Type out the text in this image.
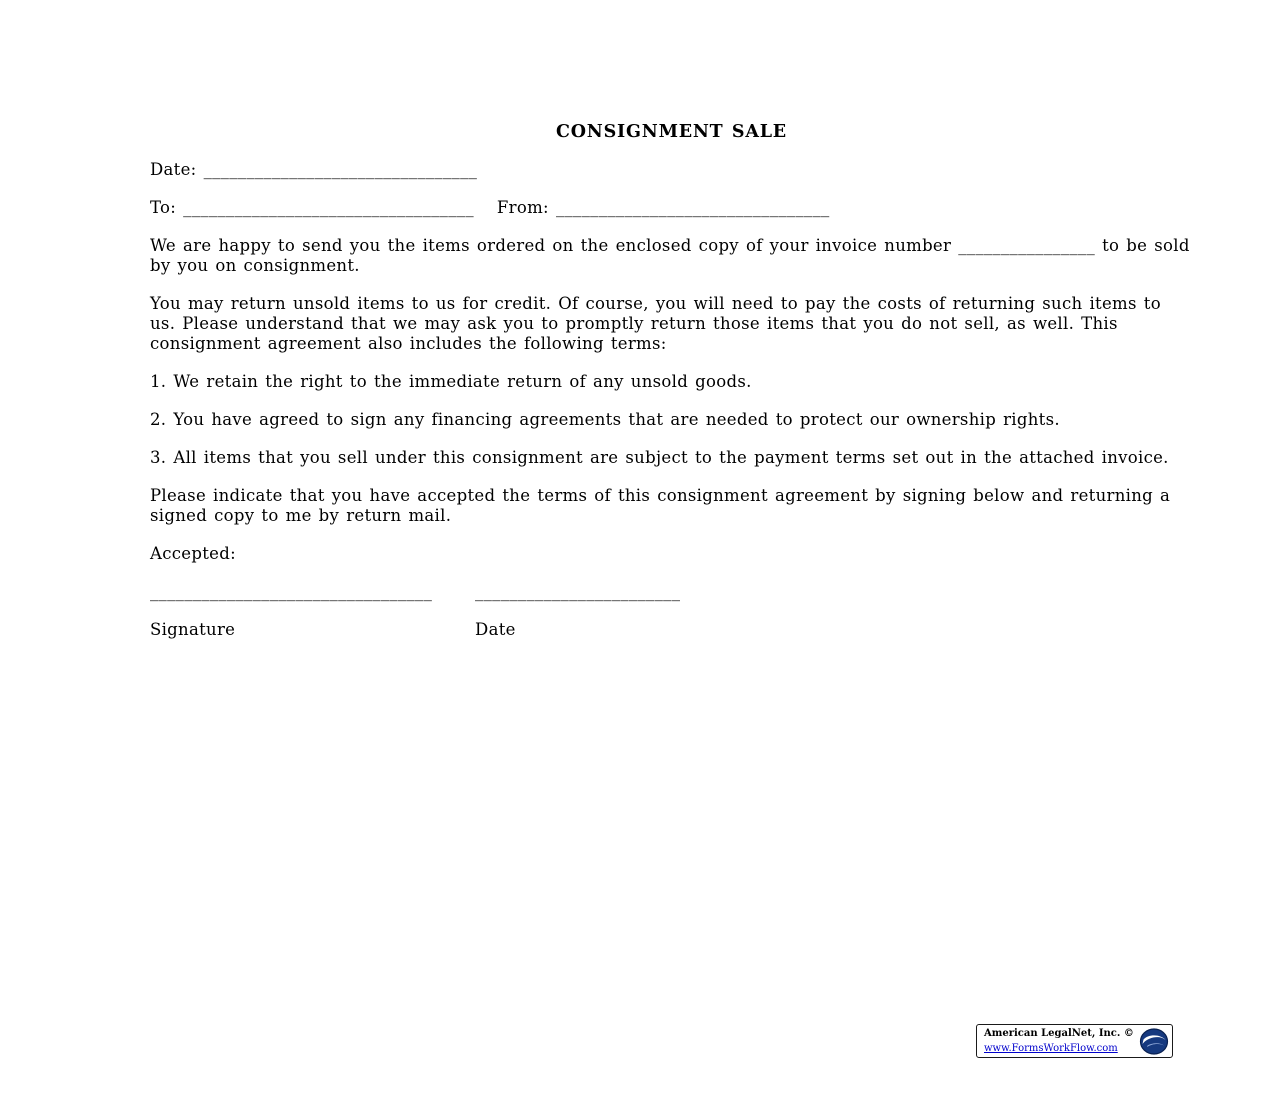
CONSIGNMENT SALE

Date: ________________________________

To: __________________________________ From: ________________________________

We are happy to send you the items ordered on the enclosed copy of your invoice number ________________ to be sold by you on consignment.

You may return unsold items to us for credit. Of course, you will need to pay the costs of returning such items to us. Please understand that we may ask you to promptly return those items that you do not sell, as well. This consignment agreement also includes the following terms:

1. We retain the right to the immediate return of any unsold goods.

2. You have agreed to sign any financing agreements that are needed to protect our ownership rights.

3. All items that you sell under this consignment are subject to the payment terms set out in the attached invoice.

Please indicate that you have accepted the terms of this consignment agreement by signing below and returning a signed copy to me by return mail.

Accepted:

_________________________________	________________________

Signature	Date

American LegalNet, Inc. ©
www.FormsWorkFlow.com
